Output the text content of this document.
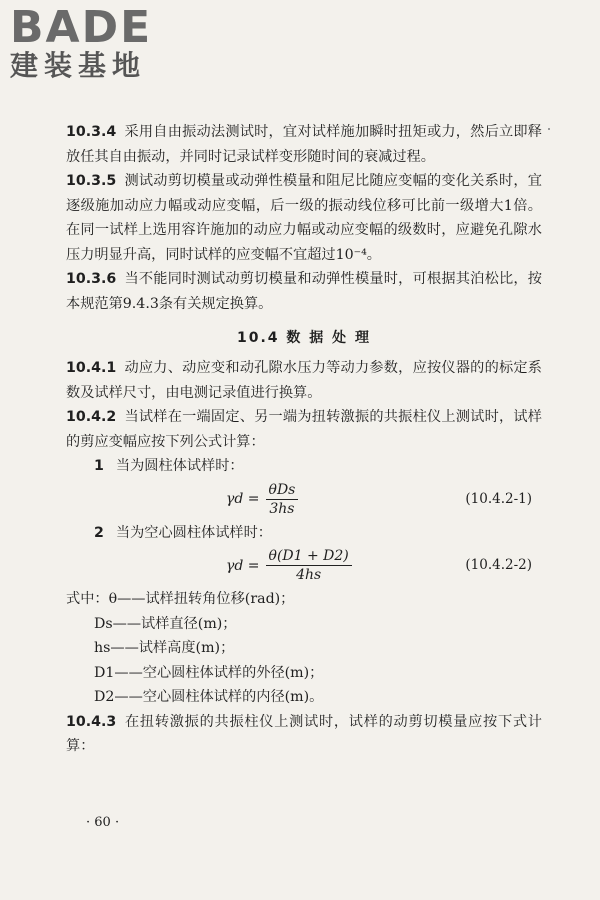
BADE
建装基地

10.3.4 采用自由振动法测试时，宜对试样施加瞬时扭矩或力，然后立即释放任其自由振动，并同时记录试样变形随时间的衰减过程。

10.3.5 测试动剪切模量或动弹性模量和阻尼比随应变幅的变化关系时，宜逐级施加动应力幅或动应变幅，后一级的振动线位移可比前一级增大1倍。在同一试样上选用容许施加的动应力幅或动应变幅的级数时，应避免孔隙水压力明显升高，同时试样的应变幅不宜超过10⁻⁴。

10.3.6 当不能同时测试动剪切模量和动弹性模量时，可根据其泊松比，按本规范第9.4.3条有关规定换算。

10.4 数 据 处 理

10.4.1 动应力、动应变和动孔隙水压力等动力参数，应按仪器的的标定系数及试样尺寸，由电测记录值进行换算。

10.4.2 当试样在一端固定、另一端为扭转激振的共振柱仪上测试时，试样的剪应变幅应按下列公式计算：

1 当为圆柱体试样时：

$\gamma d = \frac{\text{θDs}}{3hs}$	(10.4.2-1)

2 当为空心圆柱体试样时：

$\gamma d = \frac{\theta(D1 + D2)}{4hs}$	(10.4.2-2)

式中：θ——试样扭转角位移(rad)；

Ds——试样直径(m)；

hs——试样高度(m)；

D1——空心圆柱体试样的外径(m)；

D2——空心圆柱体试样的内径(m)。

10.4.3 在扭转激振的共振柱仪上测试时，试样的动剪切模量应按下式计算：

· 60 ·
